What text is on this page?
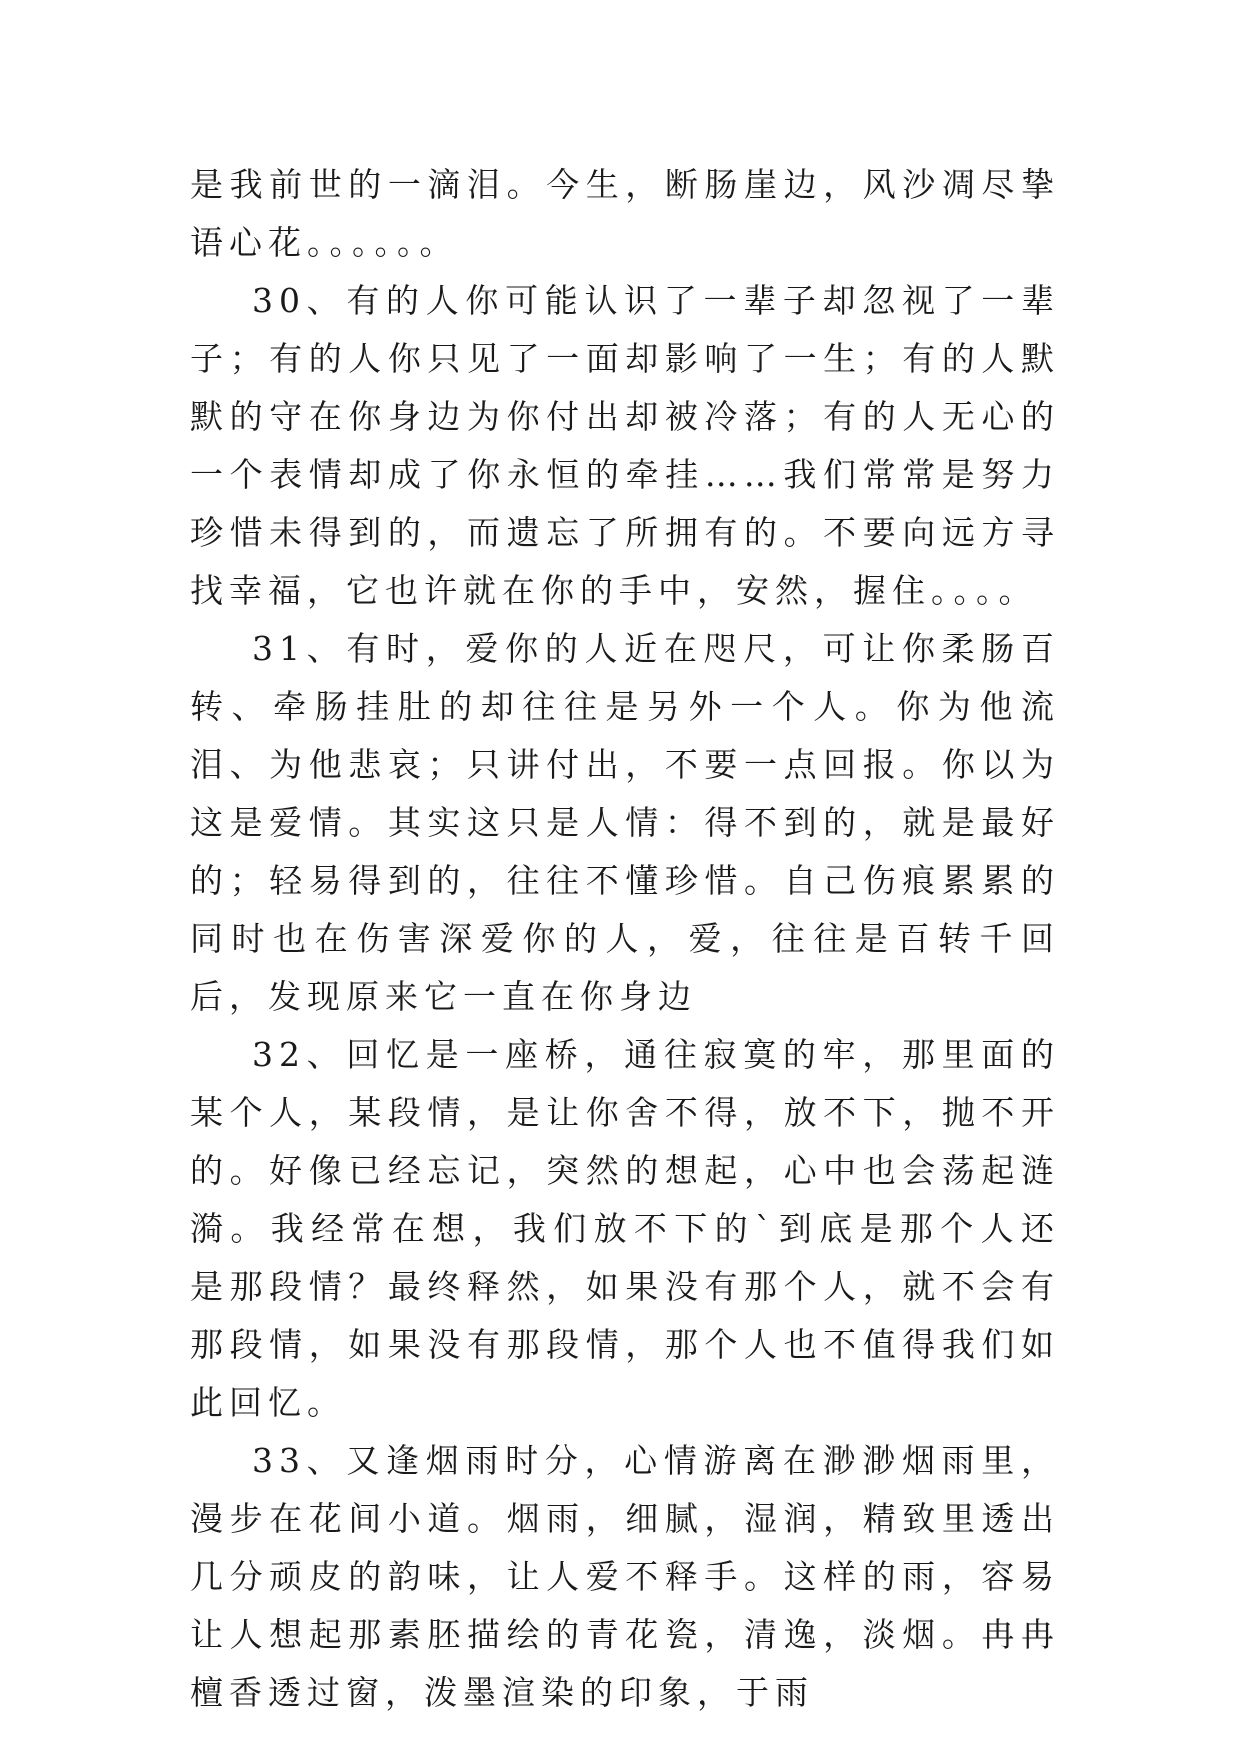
是我前世的一滴泪。今生，断肠崖边，风沙凋尽挚语心花。。。。。。

30、有的人你可能认识了一辈子却忽视了一辈子；有的人你只见了一面却影响了一生；有的人默默的守在你身边为你付出却被冷落；有的人无心的一个表情却成了你永恒的牵挂……我们常常是努力珍惜未得到的，而遗忘了所拥有的。不要向远方寻找幸福，它也许就在你的手中，安然，握住。。。。

31、有时，爱你的人近在咫尺，可让你柔肠百转、牵肠挂肚的却往往是另外一个人。你为他流泪、为他悲哀；只讲付出，不要一点回报。你以为这是爱情。其实这只是人情：得不到的，就是最好的；轻易得到的，往往不懂珍惜。自己伤痕累累的同时也在伤害深爱你的人，爱，往往是百转千回后，发现原来它一直在你身边

32、回忆是一座桥，通往寂寞的牢，那里面的某个人，某段情，是让你舍不得，放不下，抛不开的。好像已经忘记，突然的想起，心中也会荡起涟漪。我经常在想，我们放不下的`到底是那个人还是那段情？最终释然，如果没有那个人，就不会有那段情，如果没有那段情，那个人也不值得我们如此回忆。

33、又逢烟雨时分，心情游离在渺渺烟雨里，漫步在花间小道。烟雨，细腻，湿润，精致里透出几分顽皮的韵味，让人爱不释手。这样的雨，容易让人想起那素胚描绘的青花瓷，清逸，淡烟。冉冉檀香透过窗，泼墨渲染的印象，于雨
